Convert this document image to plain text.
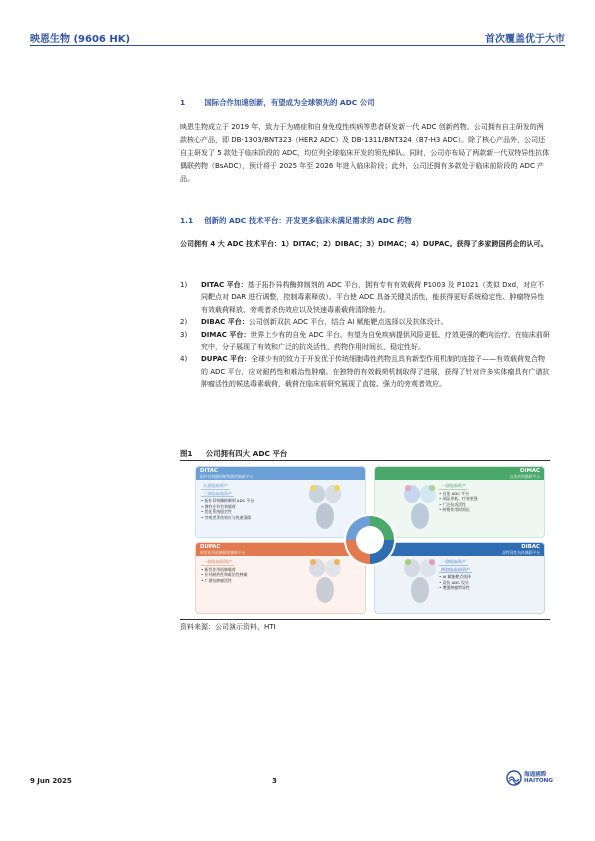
映恩生物 (9606 HK)	首次覆盖优于大市
1	国际合作加速创新，有望成为全球领先的 ADC 公司

映恩生物成立于 2019 年，致力于为癌症和自身免疫性疾病等患者研发新一代 ADC 创新药物。公司拥有自主研发的两款核心产品，即 DB-1303/BNT323（HER2 ADC）及 DB-1311/BNT324（B7-H3 ADC）。除了核心产品外，公司还自主研发了 5 款处于临床阶段的 ADC，均位列全球临床开发的领先梯队。同时，公司亦布局了两款新一代双特异性抗体偶联药物（BsADC），预计将于 2025 年至 2026 年进入临床阶段；此外，公司还拥有多款处于临床前阶段的 ADC 产品。

1.1 创新的 ADC 技术平台：开发更多临床未满足需求的 ADC 药物

公司拥有 4 大 ADC 技术平台：1）DITAC；2）DIBAC；3）DIMAC；4）DUPAC。获得了多家跨国药企的认可。

1) DITAC 平台：基于拓扑异构酶抑制剂的 ADC 平台，拥有专有有效载荷 P1003 及 P1021（类似 Dxd，对应不同靶点对 DAR 进行调整，控制毒素释放）。平台使 ADC 具备关键灵活性，能获得更好系统稳定性、肿瘤特异性有效载荷释放、旁观者杀伤效应以及快速毒素载荷清除能力。
2) DIBAC 平台：公司创新双抗 ADC 平台，结合 AI 赋能靶点选择以及抗体设计。
3) DIMAC 平台：世界上少有的自免 ADC 平台。有望为自免疾病提供风险更低、疗效更强的靶向治疗。在临床前研究中，分子展现了有效和广泛的抗炎活性，药物作用时间长，稳定性好。
4) DUPAC 平台：全球少有的致力于开发优于传统细胞毒性药物且具有新型作用机制的连接子——有效载荷复合物的 ADC 平台，应对耐药性和难治性肿瘤。在独特的有效载荷机制取得了进展，获得了针对许多实体瘤具有广谱抗肿瘤活性的候选毒素载荷，载荷在临床前研究展现了直接、强力的旁观者效应。
图1 公司拥有四大 ADC 平台
DITAC
拓扑异构酶抑制剂载荷偶联平台
五款临床资产
三款临床前资产
• 拓扑异构酶抑制剂 ADC 平台
• 拥有专有有效载荷
• 优化系统稳定性
• 旁观者杀伤效应与快速清除
DIMAC
自免疾病偶联平台
一款临床资产
• 自免 ADC 平台
• 风险更低、疗效更强
• 广泛抗炎活性
• 药物作用时间长
DUPAC
新型作用机制载荷偶联平台
一款临床前资产
• 新型作用机制载荷
• 应对耐药性和难治性肿瘤
• 广谱抗肿瘤活性
DIBAC
双特异性抗体偶联平台
一款临床资产
两款临床前资产
• AI 赋能靶点选择
• 双抗 ADC 设计
• 增强肿瘤特异性
资料来源：公司演示资料，HTI
9 Jun 2025	3
海通國際
HAITONG
